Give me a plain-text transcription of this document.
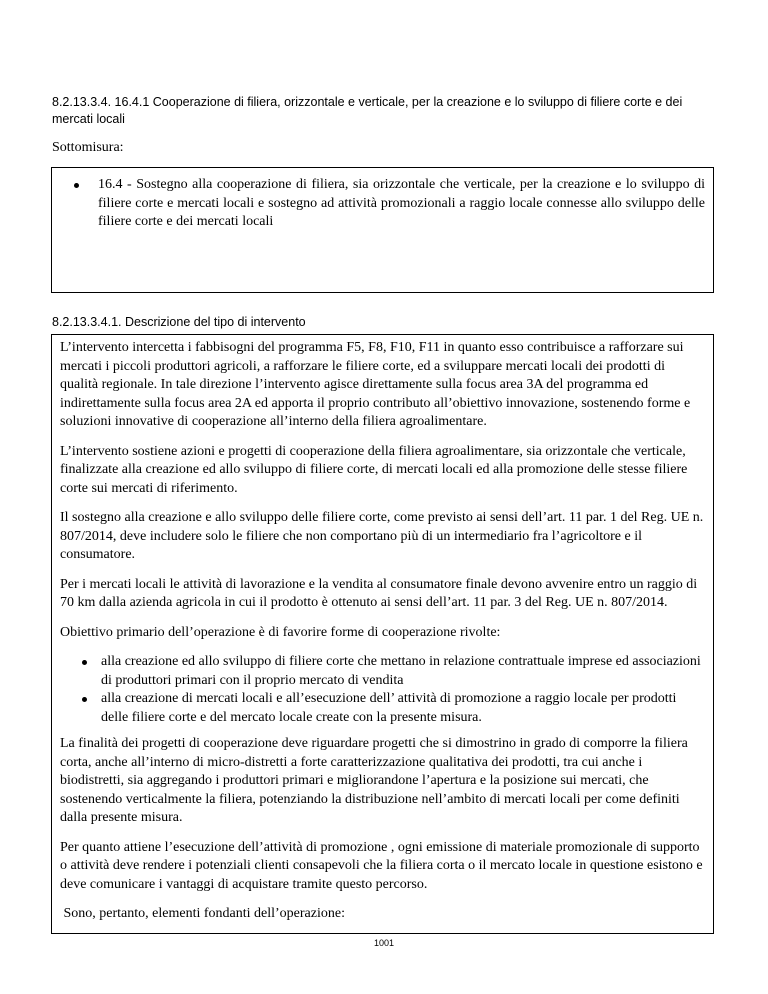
8.2.13.3.4. 16.4.1 Cooperazione di filiera, orizzontale e verticale, per la creazione e lo sviluppo di filiere corte e dei mercati locali
Sottomisura:
16.4 - Sostegno alla cooperazione di filiera, sia orizzontale che verticale, per la creazione e lo sviluppo di filiere corte e mercati locali e sostegno ad attività promozionali a raggio locale connesse allo sviluppo delle filiere corte e dei mercati locali
8.2.13.3.4.1. Descrizione del tipo di intervento

L’intervento intercetta i fabbisogni del programma F5, F8, F10, F11 in quanto esso contribuisce a rafforzare sui mercati i piccoli produttori agricoli, a rafforzare le filiere corte, ed a sviluppare mercati locali dei prodotti di qualità regionale. In tale direzione l’intervento agisce direttamente sulla focus area 3A del programma ed indirettamente sulla focus area 2A ed apporta il proprio contributo all’obiettivo innovazione, sostenendo forme e soluzioni innovative di cooperazione all’interno della filiera agroalimentare.

L’intervento sostiene azioni e progetti di cooperazione della filiera agroalimentare, sia orizzontale che verticale, finalizzate alla creazione ed allo sviluppo di filiere corte, di mercati locali ed alla promozione delle stesse filiere corte sui mercati di riferimento.

Il sostegno alla creazione e allo sviluppo delle filiere corte, come previsto ai sensi dell’art. 11 par. 1 del Reg. UE n. 807/2014, deve includere solo le filiere che non comportano più di un intermediario fra l’agricoltore e il consumatore.

Per i mercati locali le attività di lavorazione e la vendita al consumatore finale devono avvenire entro un raggio di 70 km dalla azienda agricola in cui il prodotto è ottenuto ai sensi dell’art. 11 par. 3 del Reg. UE n. 807/2014.

Obiettivo primario dell’operazione è di favorire forme di cooperazione rivolte:

alla creazione ed allo sviluppo di filiere corte che mettano in relazione contrattuale imprese ed associazioni di produttori primari con il proprio mercato di vendita
alla creazione di mercati locali e all’esecuzione dell’ attività di promozione a raggio locale per prodotti delle filiere corte e del mercato locale create con la presente misura.

La finalità dei progetti di cooperazione deve riguardare progetti che si dimostrino in grado di comporre la filiera corta, anche all’interno di micro-distretti a forte caratterizzazione qualitativa dei prodotti, tra cui anche i biodistretti, sia aggregando i produttori primari e migliorandone l’apertura e la posizione sui mercati, che sostenendo verticalmente la filiera, potenziando la distribuzione nell’ambito di mercati locali per come definiti dalla presente misura.

Per quanto attiene l’esecuzione dell’attività di promozione , ogni emissione di materiale promozionale di supporto o attività deve rendere i potenziali clienti consapevoli che la filiera corta o il mercato locale in questione esistono e deve comunicare i vantaggi di acquistare tramite questo percorso.

Sono, pertanto, elementi fondanti dell’operazione:

1001
